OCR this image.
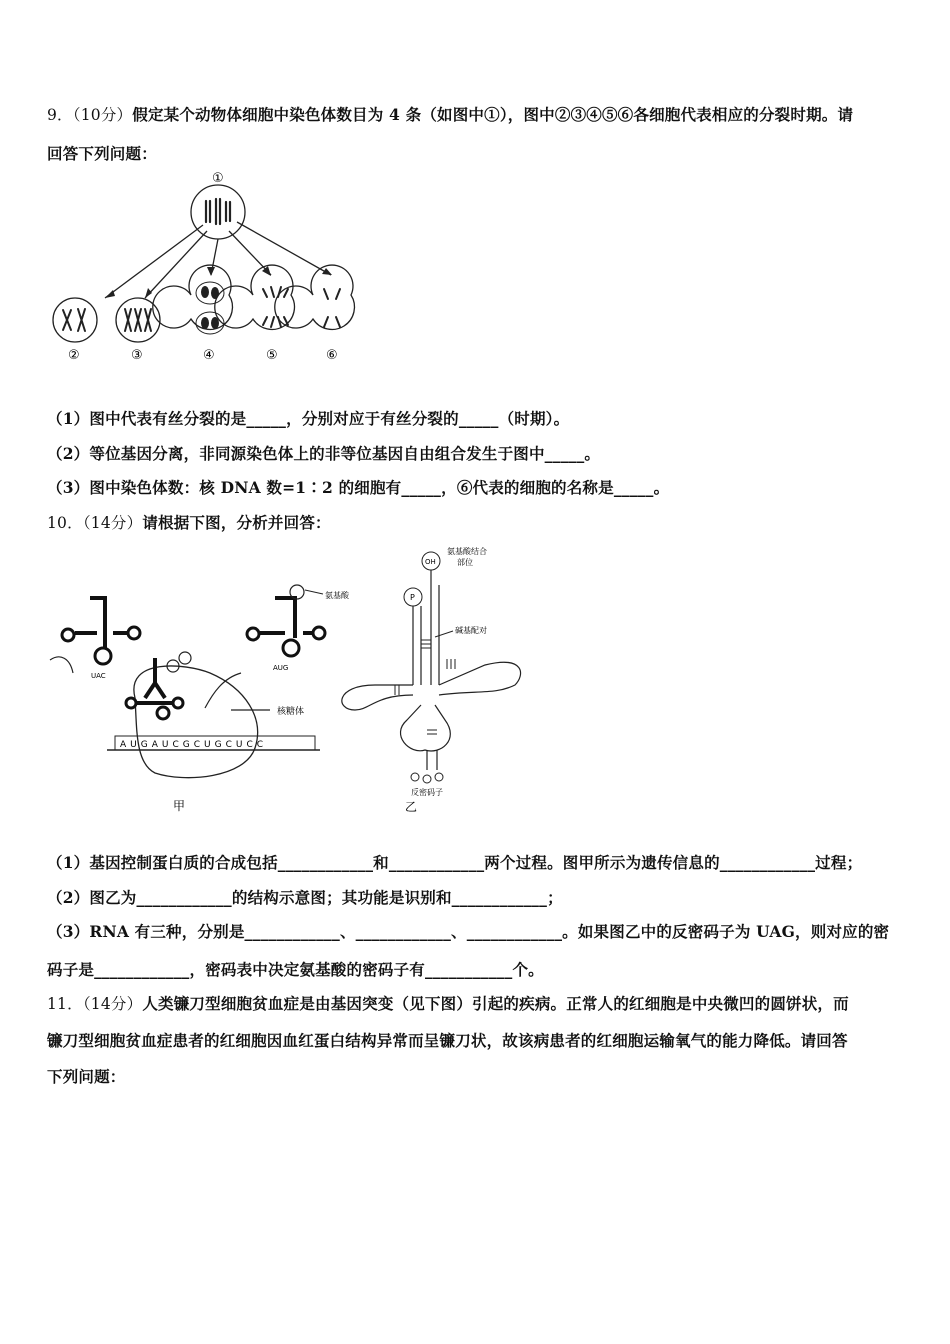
9．（10分）假定某个动物体细胞中染色体数目为 4 条（如图中①），图中②③④⑤⑥各细胞代表相应的分裂时期。请
回答下列问题：
①
②	③	④	⑤	⑥
（1）图中代表有丝分裂的是_____，分别对应于有丝分裂的_____（时期）。
（2）等位基因分离，非同源染色体上的非等位基因自由组合发生于图中_____。
（3）图中染色体数：核 DNA 数=1∶2 的细胞有_____，⑥代表的细胞的名称是_____。
10．（14分）请根据下图，分析并回答：
核糖体
氨基酸
UAC
AUG
AUGAUCGCUGCUCC
甲
OH
氨基酸结合
部位
P
碱基配对
反密码子
乙
（1）基因控制蛋白质的合成包括____________和____________两个过程。图甲所示为遗传信息的____________过程；
（2）图乙为____________的结构示意图；其功能是识别和____________；
（3）RNA 有三种，分别是____________、____________、____________。如果图乙中的反密码子为 UAG，则对应的密
码子是____________，密码表中决定氨基酸的密码子有___________个。
11．（14分）人类镰刀型细胞贫血症是由基因突变（见下图）引起的疾病。正常人的红细胞是中央微凹的圆饼状，而
镰刀型细胞贫血症患者的红细胞因血红蛋白结构异常而呈镰刀状，故该病患者的红细胞运输氧气的能力降低。请回答
下列问题：
